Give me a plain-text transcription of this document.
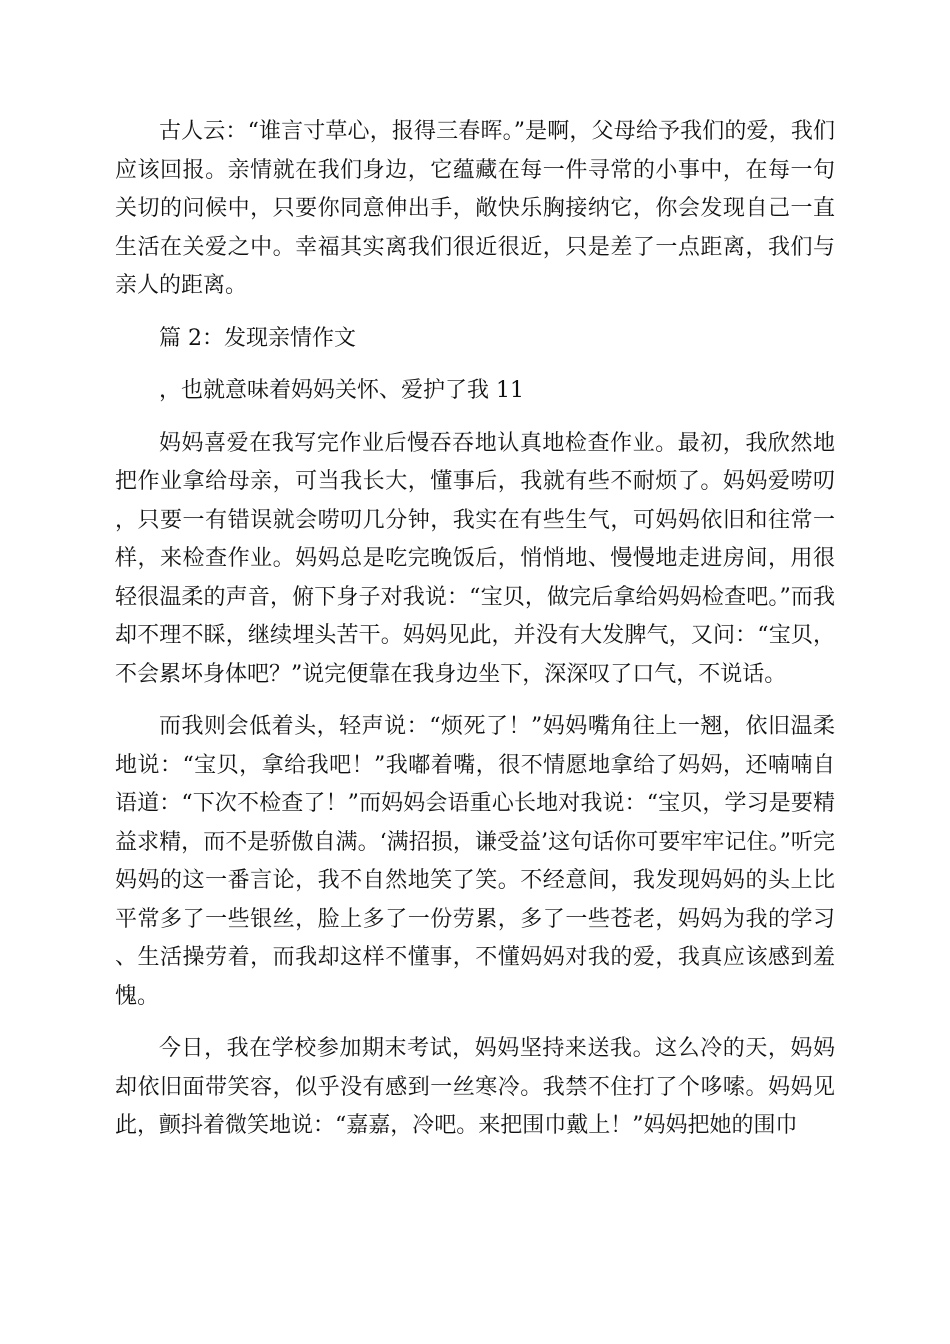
古人云：“谁言寸草心，报得三春晖。”是啊，父母给予我们的爱，我们应该回报。亲情就在我们身边，它蕴藏在每一件寻常的小事中，在每一句关切的问候中，只要你同意伸出手，敞快乐胸接纳它，你会发现自己一直生活在关爱之中。幸福其实离我们很近很近，只是差了一点距离，我们与亲人的距离。

篇 2：发现亲情作文

，也就意味着妈妈关怀、爱护了我 11

妈妈喜爱在我写完作业后慢吞吞地认真地检查作业。最初，我欣然地把作业拿给母亲，可当我长大，懂事后，我就有些不耐烦了。妈妈爱唠叨，只要一有错误就会唠叨几分钟，我实在有些生气，可妈妈依旧和往常一样，来检查作业。妈妈总是吃完晚饭后，悄悄地、慢慢地走进房间，用很轻很温柔的声音，俯下身子对我说：“宝贝，做完后拿给妈妈检查吧。”而我却不理不睬，继续埋头苦干。妈妈见此，并没有大发脾气，又问：“宝贝，不会累坏身体吧？”说完便靠在我身边坐下，深深叹了口气，不说话。

而我则会低着头，轻声说：“烦死了！”妈妈嘴角往上一翘，依旧温柔地说：“宝贝，拿给我吧！”我嘟着嘴，很不情愿地拿给了妈妈，还喃喃自语道：“下次不检查了！”而妈妈会语重心长地对我说：“宝贝，学习是要精益求精，而不是骄傲自满。‘满招损，谦受益’这句话你可要牢牢记住。”听完妈妈的这一番言论，我不自然地笑了笑。不经意间，我发现妈妈的头上比平常多了一些银丝，脸上多了一份劳累，多了一些苍老，妈妈为我的学习、生活操劳着，而我却这样不懂事，不懂妈妈对我的爱，我真应该感到羞愧。

今日，我在学校参加期末考试，妈妈坚持来送我。这么冷的天，妈妈却依旧面带笑容，似乎没有感到一丝寒冷。我禁不住打了个哆嗦。妈妈见此，颤抖着微笑地说：“嘉嘉，冷吧。来把围巾戴上！”妈妈把她的围巾
